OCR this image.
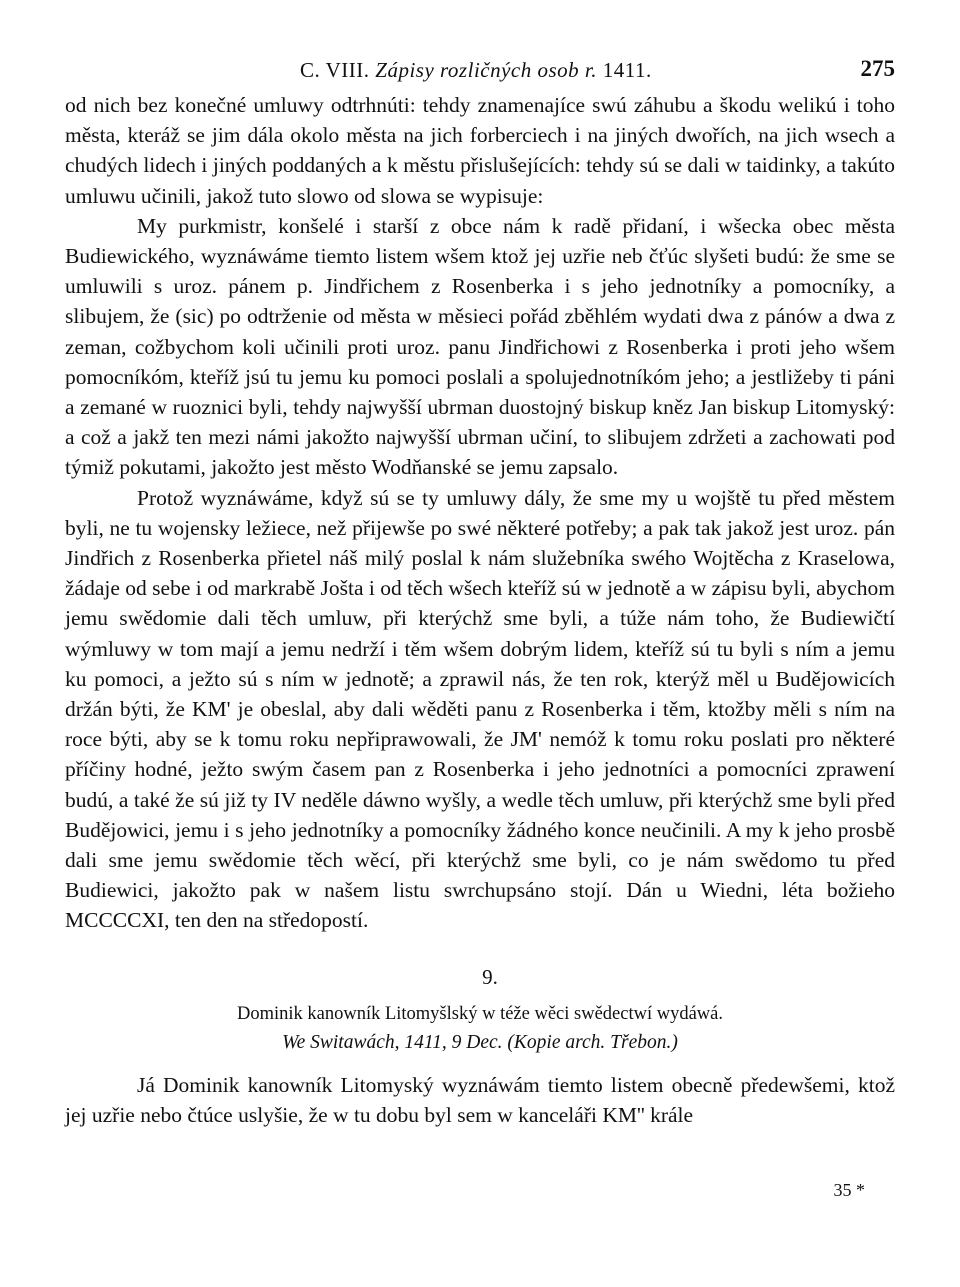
C. VIII. Zápisy rozličných osob r. 1411.	275

od nich bez konečné umluwy odtrhnúti: tehdy znamenajíce swú záhubu a škodu welikú i toho města, kteráž se jim dála okolo města na jich forberciech i na jiných dwořích, na jich wsech a chudých lidech i jiných poddaných a k městu přislušejících: tehdy sú se dali w taidinky, a takúto umluwu učinili, jakož tuto slowo od slowa se wypisuje:

My purkmistr, konšelé i starší z obce nám k radě přidaní, i wšecka obec města Budiewického, wyznáwáme tiemto listem wšem ktož jej uzřie neb čťúc slyšeti budú: že sme se umluwili s uroz. pánem p. Jindřichem z Rosenberka i s jeho jednotníky a pomocníky, a slibujem, že (sic) po odtrženie od města w měsieci pořád zběhlém wydati dwa z pánów a dwa z zeman, cožbychom koli učinili proti uroz. panu Jindřichowi z Rosenberka i proti jeho wšem pomocníkóm, kteříž jsú tu jemu ku pomoci poslali a spolujednotníkóm jeho; a jestližeby ti páni a zemané w ruoznici byli, tehdy najwyšší ubrman duostojný biskup kněz Jan biskup Litomyský: a což a jakž ten mezi námi jakožto najwyšší ubrman učiní, to slibujem zdržeti a zachowati pod týmiž pokutami, jakožto jest město Wodňanské se jemu zapsalo.

Protož wyznáwáme, když sú se ty umluwy dály, že sme my u wojště tu před městem byli, ne tu wojensky ležiece, než přijewše po swé některé potřeby; a pak tak jakož jest uroz. pán Jindřich z Rosenberka přietel náš milý poslal k nám služebníka swého Wojtěcha z Kraselowa, žádaje od sebe i od markrabě Jošta i od těch wšech kteříž sú w jednotě a w zápisu byli, abychom jemu swědomie dali těch umluw, při kterýchž sme byli, a túže nám toho, že Budiewičtí wýmluwy w tom mají a jemu nedrží i těm wšem dobrým lidem, kteříž sú tu byli s ním a jemu ku pomoci, a ježto sú s ním w jednotě; a zprawil nás, že ten rok, kterýž měl u Budějowicích držán býti, že KM' je obeslal, aby dali wěděti panu z Rosenberka i těm, ktožby měli s ním na roce býti, aby se k tomu roku nepřiprawowali, že JM' nemóž k tomu roku poslati pro některé příčiny hodné, ježto swým časem pan z Rosenberka i jeho jednotníci a pomocníci zprawení budú, a také že sú již ty IV neděle dáwno wyšly, a wedle těch umluw, při kterýchž sme byli před Budějowici, jemu i s jeho jednotníky a pomocníky žádného konce neučinili. A my k jeho prosbě dali sme jemu swědomie těch wěcí, při kterýchž sme byli, co je nám swědomo tu před Budiewici, jakožto pak w našem listu swrchupsáno stojí. Dán u Wiedni, léta božieho MCCCCXI, ten den na středopostí.

9.
Dominik kanowník Litomyšlský w téže wěci swědectwí wydáwá.
We Switawách, 1411, 9 Dec. (Kopie arch. Třebon.)

Já Dominik kanowník Litomyský wyznáwám tiemto listem obecně předewšemi, ktož jej uzřie nebo čtúce uslyšie, že w tu dobu byl sem w kanceláři KM'' krále

35 *
